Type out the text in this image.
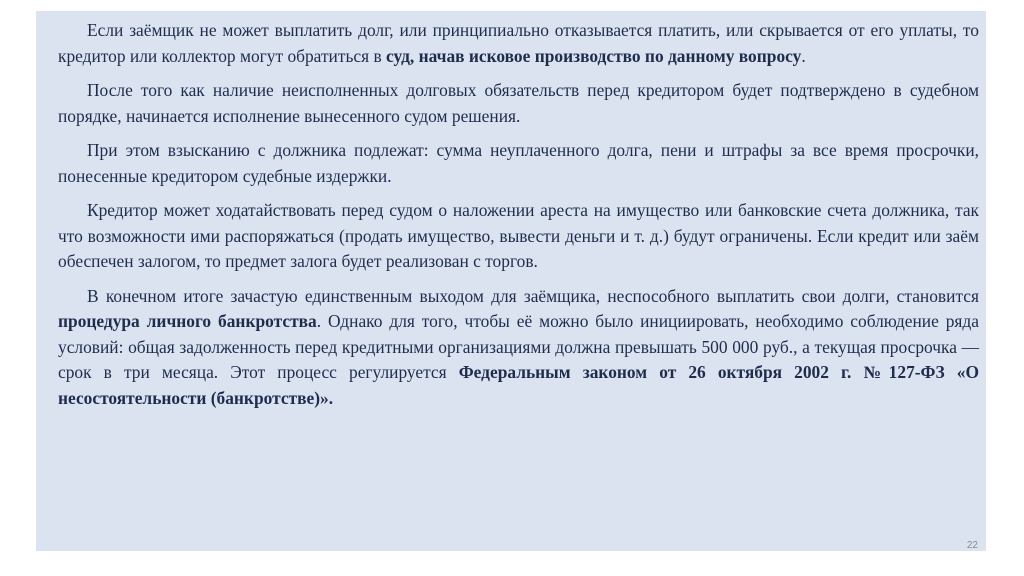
Если заёмщик не может выплатить долг, или принципиально отказывается платить, или скрывается от его уплаты, то кредитор или коллектор могут обратиться в суд, начав исковое производство по данному вопросу.

После того как наличие неисполненных долговых обязательств перед кредитором будет подтверждено в судебном порядке, начинается исполнение вынесенного судом решения.

При этом взысканию с должника подлежат: сумма неуплаченного долга, пени и штрафы за все время просрочки, понесенные кредитором судебные издержки.

Кредитор может ходатайствовать перед судом о наложении ареста на имущество или банковские счета должника, так что возможности ими распоряжаться (продать имущество, вывести деньги и т. д.) будут ограничены. Если кредит или заём обеспечен залогом, то предмет залога будет реализован с торгов.

В конечном итоге зачастую единственным выходом для заёмщика, неспособного выплатить свои долги, становится процедура личного банкротства. Однако для того, чтобы её можно было инициировать, необходимо соблюдение ряда условий: общая задолженность перед кредитными организациями должна превышать 500 000 руб., а текущая просрочка — срок в три месяца. Этот процесс регулируется Федеральным законом от 26 октября 2002 г. №127-ФЗ «О несостоятельности (банкротстве)».

22
